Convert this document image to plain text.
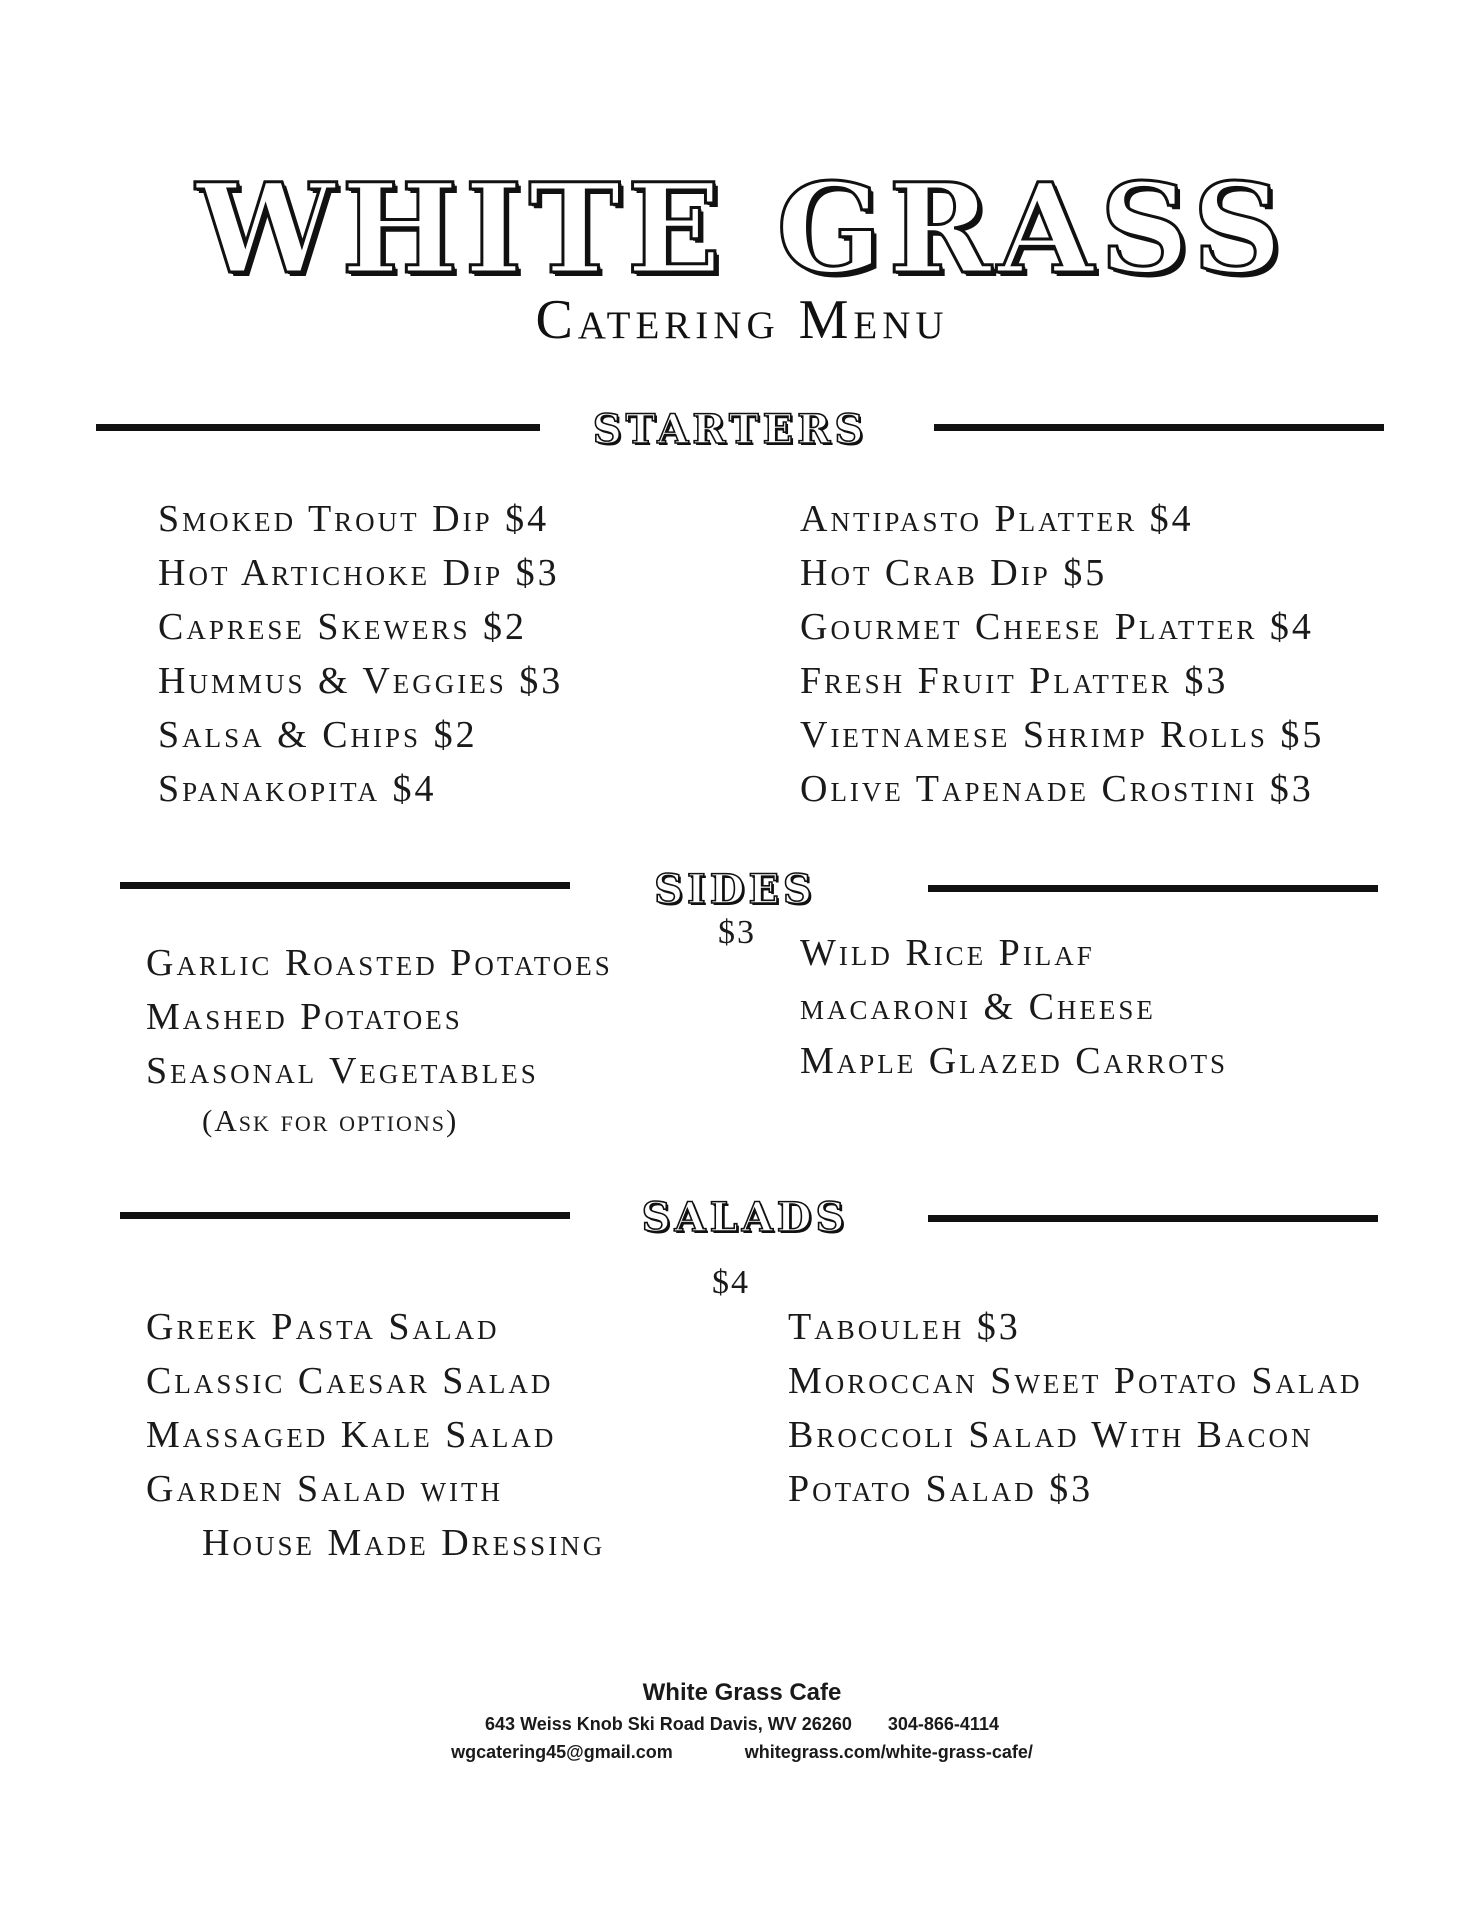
WHITE GRASS
Catering Menu
STARTERS
Smoked Trout Dip $4
Hot Artichoke Dip $3
Caprese Skewers $2
Hummus & Veggies $3
Salsa & Chips $2
Spanakopita $4
Antipasto Platter $4
Hot Crab Dip $5
Gourmet Cheese Platter $4
Fresh Fruit Platter $3
Vietnamese Shrimp Rolls $5
Olive Tapenade Crostini $3
SIDES
$3
Garlic Roasted Potatoes
Mashed Potatoes
Seasonal Vegetables
(Ask for options)
Wild Rice Pilaf
macaroni & Cheese
Maple Glazed Carrots
SALADS
$4
Greek Pasta Salad
Classic Caesar Salad
Massaged Kale Salad
Garden Salad with
House Made Dressing
Tabouleh $3
Moroccan Sweet Potato Salad
Broccoli Salad With Bacon
Potato Salad $3
White Grass Cafe
643 Weiss Knob Ski Road Davis, WV 26260 304-866-4114
wgcatering45@gmail.com	whitegrass.com/white-grass-cafe/
